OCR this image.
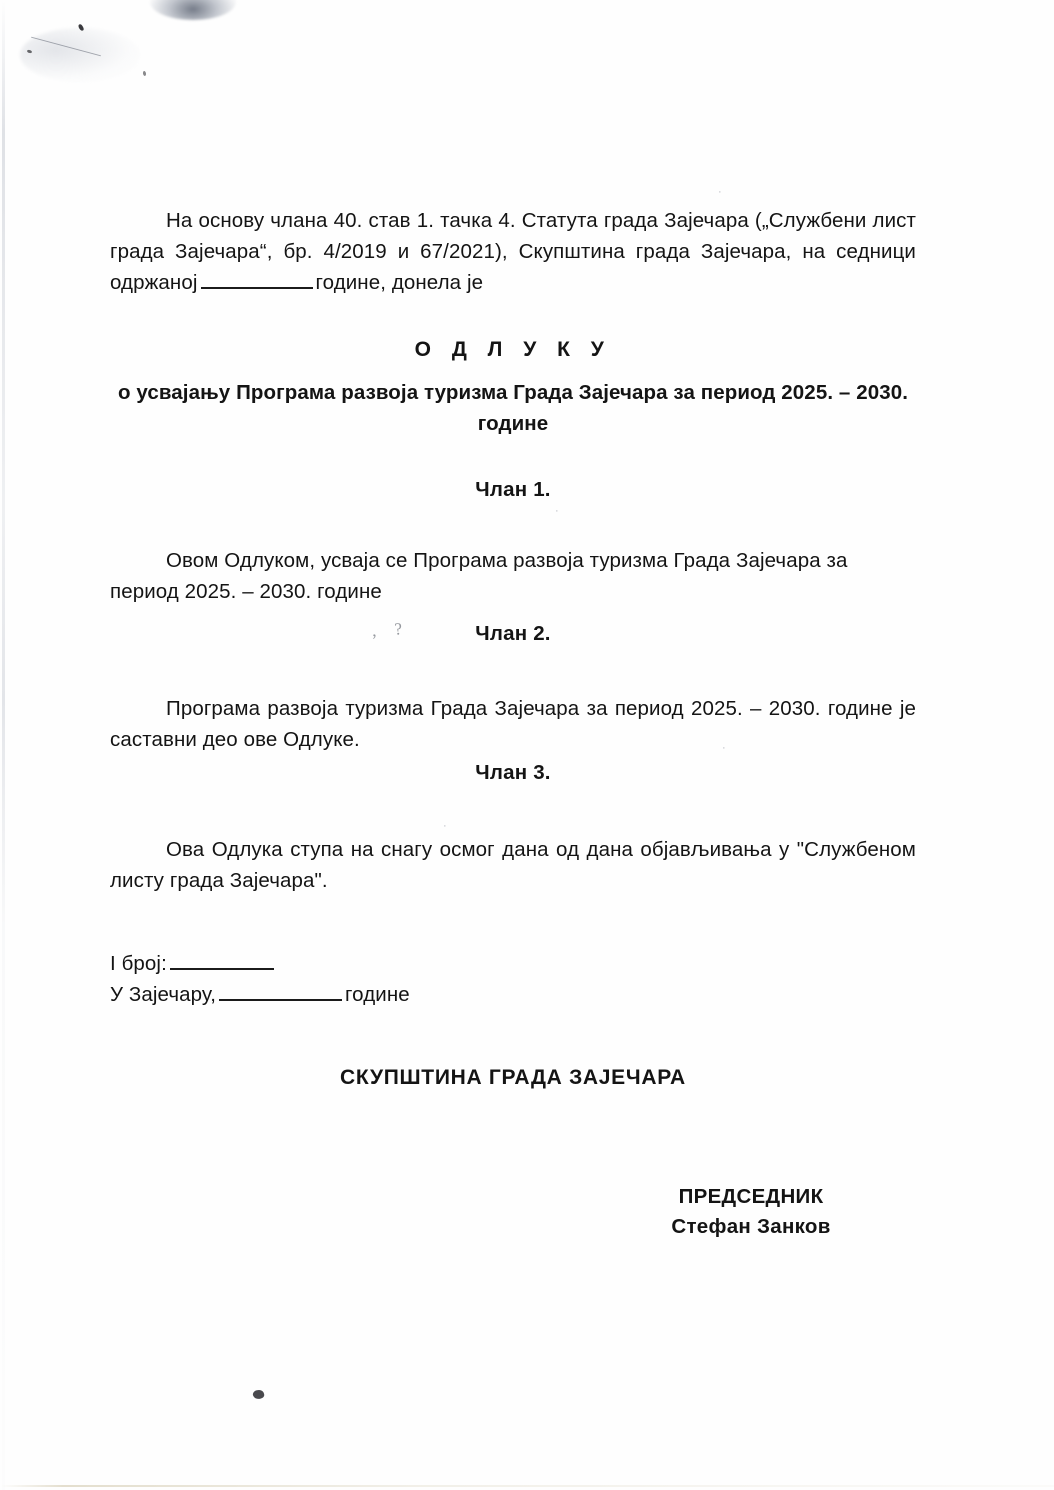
, ?
·
·
·
·

На основу члана 40. став 1. тачка 4. Статута града Зајечара („Службени лист града Зајечара“, бр. 4/2019 и 67/2021), Скупштина града Зајечара, на седници одржаној	године, донела је

О Д Л У К У
о усвајању Програма развоја туризма Града Зајечара за период 2025. – 2030. године
Члан 1.

Овом Одлуком, усваја се Програма развоја туризма Града Зајечара за период 2025. – 2030. године

Члан 2.

Програма развоја туризма Града Зајечара за период 2025. – 2030. године је саставни део ове Одлуке.

Члан 3.

Ова Одлука ступа на снагу осмог дана од дана објављивања у "Службеном листу града Зајечара".

I број:

У Зајечару,	године

СКУПШТИНА ГРАДА ЗАЈЕЧАРА

ПРЕДСЕДНИК
Стефан Занков
